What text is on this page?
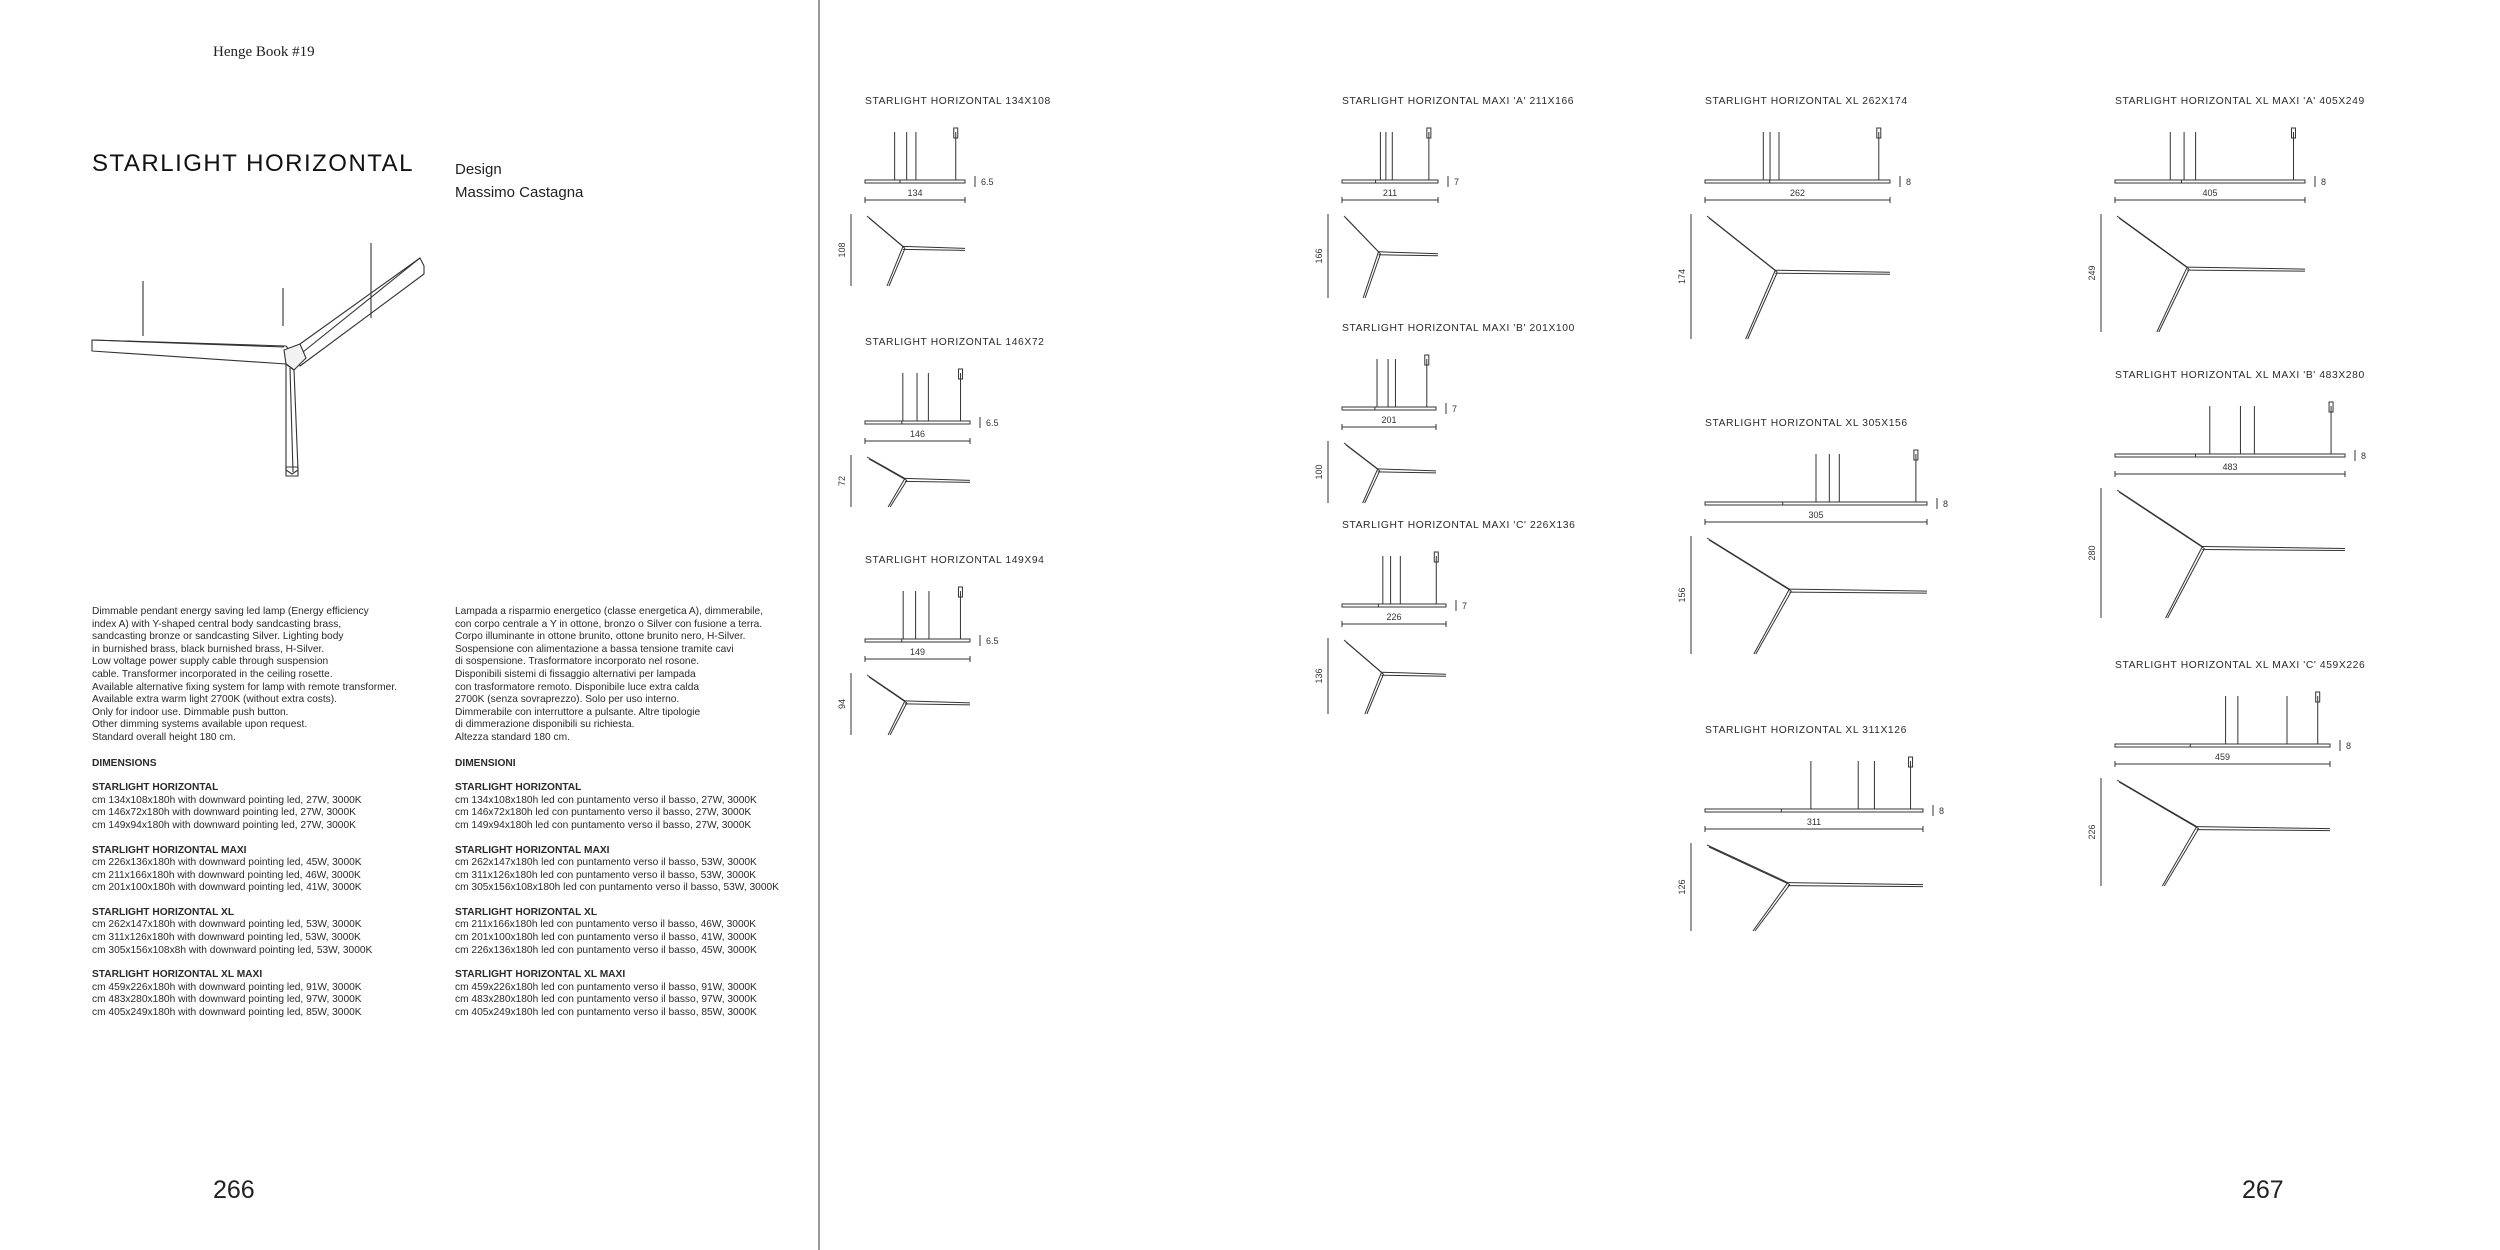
Henge Book #19
STARLIGHT HORIZONTAL	Design
Massimo Castagna

Dimmable pendant energy saving led lamp (Energy efficiency
index A) with Y-shaped central body sandcasting brass,
sandcasting bronze or sandcasting Silver. Lighting body
in burnished brass, black burnished brass, H-Silver.
Low voltage power supply cable through suspension
cable. Transformer incorporated in the ceiling rosette.
Available alternative fixing system for lamp with remote transformer.
Available extra warm light 2700K (without extra costs).
Only for indoor use. Dimmable push button.
Other dimming systems available upon request.
Standard overall height 180 cm.

DIMENSIONS
STARLIGHT HORIZONTAL
cm 134x108x180h with downward pointing led, 27W, 3000K
cm 146x72x180h with downward pointing led, 27W, 3000K
cm 149x94x180h with downward pointing led, 27W, 3000K
STARLIGHT HORIZONTAL MAXI
cm 226x136x180h with downward pointing led, 45W, 3000K
cm 211x166x180h with downward pointing led, 46W, 3000K
cm 201x100x180h with downward pointing led, 41W, 3000K
STARLIGHT HORIZONTAL XL
cm 262x147x180h with downward pointing led, 53W, 3000K
cm 311x126x180h with downward pointing led, 53W, 3000K
cm 305x156x108x8h with downward pointing led, 53W, 3000K
STARLIGHT HORIZONTAL XL MAXI
cm 459x226x180h with downward pointing led, 91W, 3000K
cm 483x280x180h with downward pointing led, 97W, 3000K
cm 405x249x180h with downward pointing led, 85W, 3000K

Lampada a risparmio energetico (classe energetica A), dimmerabile,
con corpo centrale a Y in ottone, bronzo o Silver con fusione a terra.
Corpo illuminante in ottone brunito, ottone brunito nero, H-Silver.
Sospensione con alimentazione a bassa tensione tramite cavi
di sospensione. Trasformatore incorporato nel rosone.
Disponibili sistemi di fissaggio alternativi per lampada
con trasformatore remoto. Disponibile luce extra calda
2700K (senza sovraprezzo). Solo per uso interno.
Dimmerabile con interruttore a pulsante. Altre tipologie
di dimmerazione disponibili su richiesta.
Altezza standard 180 cm.

DIMENSIONI
STARLIGHT HORIZONTAL
cm 134x108x180h led con puntamento verso il basso, 27W, 3000K
cm 146x72x180h led con puntamento verso il basso, 27W, 3000K
cm 149x94x180h led con puntamento verso il basso, 27W, 3000K
STARLIGHT HORIZONTAL MAXI
cm 262x147x180h led con puntamento verso il basso, 53W, 3000K
cm 311x126x180h led con puntamento verso il basso, 53W, 3000K
cm 305x156x108x180h led con puntamento verso il basso, 53W, 3000K
STARLIGHT HORIZONTAL XL
cm 211x166x180h led con puntamento verso il basso, 46W, 3000K
cm 201x100x180h led con puntamento verso il basso, 41W, 3000K
cm 226x136x180h led con puntamento verso il basso, 45W, 3000K
STARLIGHT HORIZONTAL XL MAXI
cm 459x226x180h led con puntamento verso il basso, 91W, 3000K
cm 483x280x180h led con puntamento verso il basso, 97W, 3000K
cm 405x249x180h led con puntamento verso il basso, 85W, 3000K
266
STARLIGHT HORIZONTAL 134X108
134
6.5
108
STARLIGHT HORIZONTAL 146X72
146
6.5
72
STARLIGHT HORIZONTAL 149X94
149
6.5
94
STARLIGHT HORIZONTAL MAXI 'A' 211X166
211
7
166
STARLIGHT HORIZONTAL MAXI 'B' 201X100
201
7
100
STARLIGHT HORIZONTAL MAXI 'C' 226X136
226
7
136
STARLIGHT HORIZONTAL XL 262X174
262
8
174
STARLIGHT HORIZONTAL XL 305X156
305
8
156
STARLIGHT HORIZONTAL XL 311X126
311
8
126
STARLIGHT HORIZONTAL XL MAXI 'A' 405X249
405
8
249
STARLIGHT HORIZONTAL XL MAXI 'B' 483X280
483
8
280
STARLIGHT HORIZONTAL XL MAXI 'C' 459X226
459
8
226
267
